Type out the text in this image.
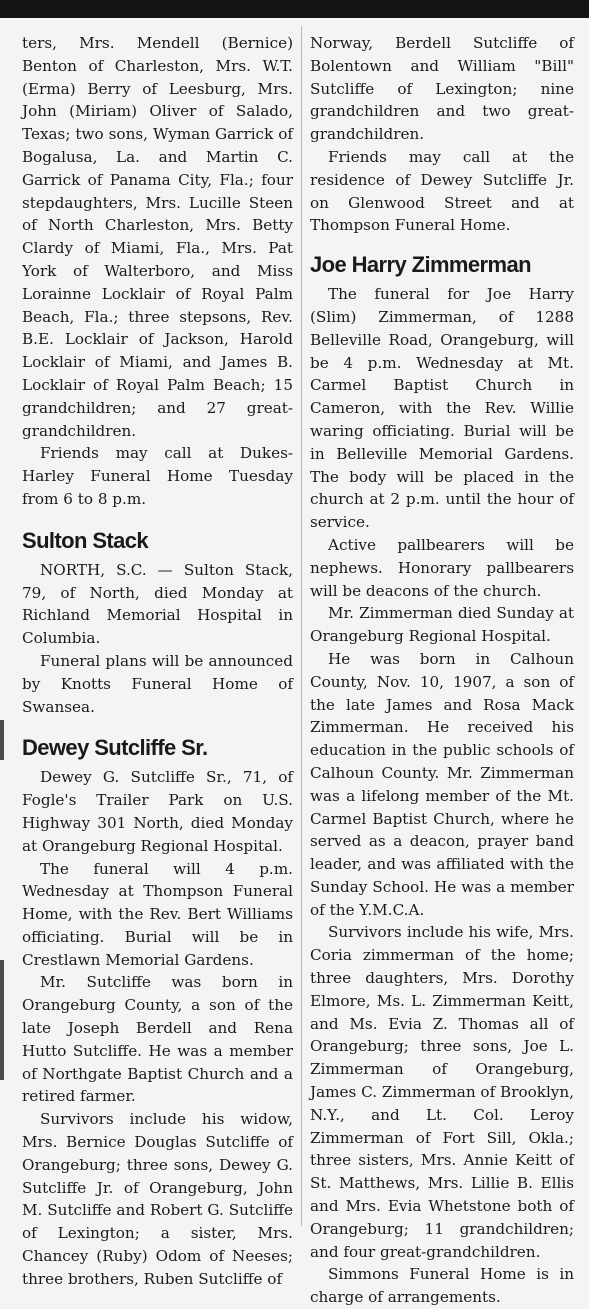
ters, Mrs. Mendell (Bernice) Benton of Charleston, Mrs. W.T. (Erma) Berry of Leesburg, Mrs. John (Miriam) Oliver of Salado, Texas; two sons, Wyman Garrick of Bogalusa, La. and Martin C. Garrick of Panama City, Fla.; four stepdaughters, Mrs. Lucille Steen of North Charleston, Mrs. Betty Clardy of Miami, Fla., Mrs. Pat York of Walterboro, and Miss Lorainne Locklair of Royal Palm Beach, Fla.; three stepsons, Rev. B.E. Locklair of Jackson, Harold Locklair of Miami, and James B. Locklair of Royal Palm Beach; 15 grandchildren; and 27 great-grandchildren.

Friends may call at Dukes-Harley Funeral Home Tuesday from 6 to 8 p.m.

Sulton Stack

NORTH, S.C. — Sulton Stack, 79, of North, died Monday at Richland Memorial Hospital in Columbia.

Funeral plans will be announced by Knotts Funeral Home of Swansea.

Dewey Sutcliffe Sr.

Dewey G. Sutcliffe Sr., 71, of Fogle's Trailer Park on U.S. Highway 301 North, died Monday at Orangeburg Regional Hospital.

The funeral will 4 p.m. Wednesday at Thompson Funeral Home, with the Rev. Bert Williams officiating. Burial will be in Crestlawn Memorial Gardens.

Mr. Sutcliffe was born in Orangeburg County, a son of the late Joseph Berdell and Rena Hutto Sutcliffe. He was a member of Northgate Baptist Church and a retired farmer.

Survivors include his widow, Mrs. Bernice Douglas Sutcliffe of Orangeburg; three sons, Dewey G. Sutcliffe Jr. of Orangeburg, John M. Sutcliffe and Robert G. Sutcliffe of Lexington; a sister, Mrs. Chancey (Ruby) Odom of Neeses; three brothers, Ruben Sutcliffe of

Norway, Berdell Sutcliffe of Bolentown and William "Bill" Sutcliffe of Lexington; nine grandchildren and two great-grandchildren.

Friends may call at the residence of Dewey Sutcliffe Jr. on Glenwood Street and at Thompson Funeral Home.

Joe Harry Zimmerman

The funeral for Joe Harry (Slim) Zimmerman, of 1288 Belleville Road, Orangeburg, will be 4 p.m. Wednesday at Mt. Carmel Baptist Church in Cameron, with the Rev. Willie waring officiating. Burial will be in Belleville Memorial Gardens. The body will be placed in the church at 2 p.m. until the hour of service.

Active pallbearers will be nephews. Honorary pallbearers will be deacons of the church.

Mr. Zimmerman died Sunday at Orangeburg Regional Hospital.

He was born in Calhoun County, Nov. 10, 1907, a son of the late James and Rosa Mack Zimmerman. He received his education in the public schools of Calhoun County. Mr. Zimmerman was a lifelong member of the Mt. Carmel Baptist Church, where he served as a deacon, prayer band leader, and was affiliated with the Sunday School. He was a member of the Y.M.C.A.

Survivors include his wife, Mrs. Coria zimmerman of the home; three daughters, Mrs. Dorothy Elmore, Ms. L. Zimmerman Keitt, and Ms. Evia Z. Thomas all of Orangeburg; three sons, Joe L. Zimmerman of Orangeburg, James C. Zimmerman of Brooklyn, N.Y., and Lt. Col. Leroy Zimmerman of Fort Sill, Okla.; three sisters, Mrs. Annie Keitt of St. Matthews, Mrs. Lillie B. Ellis and Mrs. Evia Whetstone both of Orangeburg; 11 grandchildren; and four great-grandchildren.

Simmons Funeral Home is in charge of arrangements.
